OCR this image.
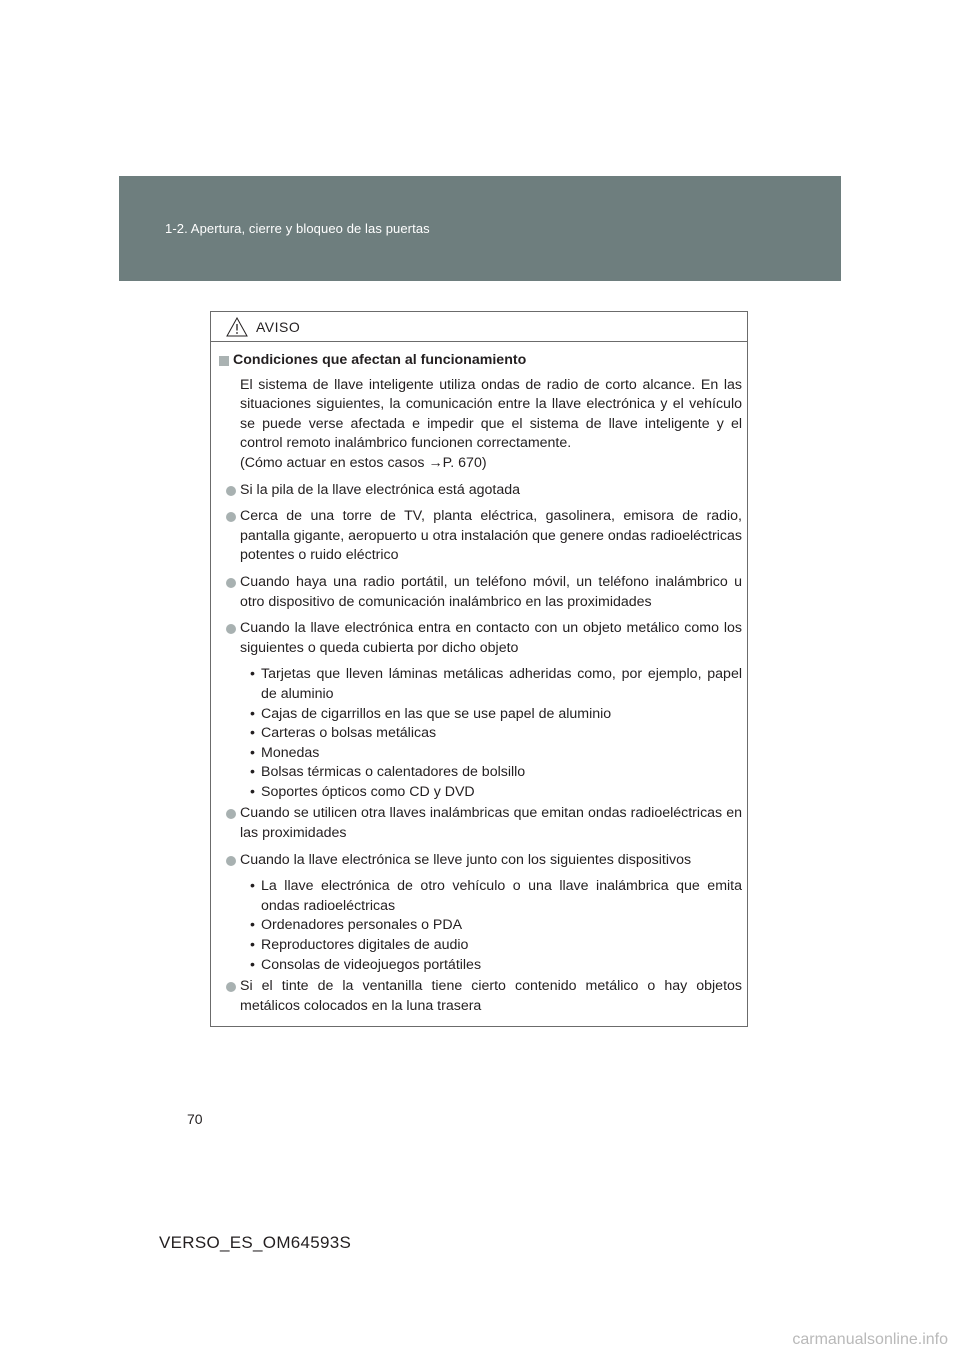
1-2. Apertura, cierre y bloqueo de las puertas
AVISO
Condiciones que afectan al funcionamiento
El sistema de llave inteligente utiliza ondas de radio de corto alcance. En las situaciones siguientes, la comunicación entre la llave electrónica y el vehículo se puede verse afectada e impedir que el sistema de llave inteligente y el control remoto inalámbrico funcionen correctamente.
(Cómo actuar en estos casos →P. 670)
Si la pila de la llave electrónica está agotada
Cerca de una torre de TV, planta eléctrica, gasolinera, emisora de radio, pantalla gigante, aeropuerto u otra instalación que genere ondas radioeléctricas potentes o ruido eléctrico
Cuando haya una radio portátil, un teléfono móvil, un teléfono inalámbrico u otro dispositivo de comunicación inalámbrico en las proximidades
Cuando la llave electrónica entra en contacto con un objeto metálico como los siguientes o queda cubierta por dicho objeto
• Tarjetas que lleven láminas metálicas adheridas como, por ejemplo, papel de aluminio
• Cajas de cigarrillos en las que se use papel de aluminio
• Carteras o bolsas metálicas
• Monedas
• Bolsas térmicas o calentadores de bolsillo
• Soportes ópticos como CD y DVD
Cuando se utilicen otra llaves inalámbricas que emitan ondas radioeléctricas en las proximidades
Cuando la llave electrónica se lleve junto con los siguientes dispositivos
• La llave electrónica de otro vehículo o una llave inalámbrica que emita ondas radioeléctricas
• Ordenadores personales o PDA
• Reproductores digitales de audio
• Consolas de videojuegos portátiles
Si el tinte de la ventanilla tiene cierto contenido metálico o hay objetos metálicos colocados en la luna trasera
70
VERSO_ES_OM64593S
carmanualsonline.info
